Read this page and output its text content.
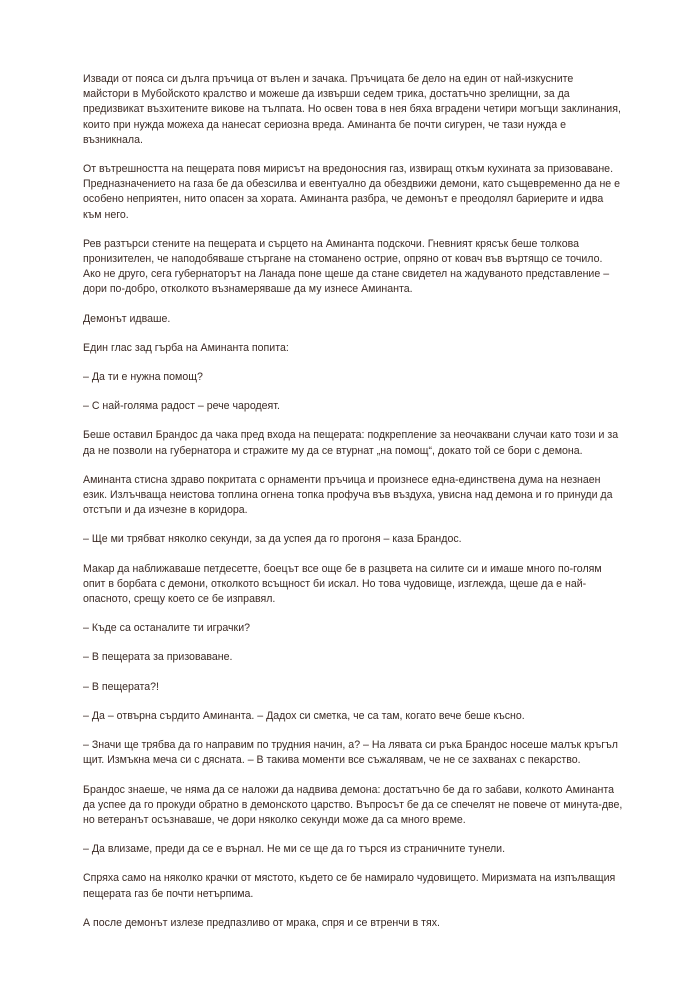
Извади от пояса си дълга пръчица от вълен и зачака. Пръчицата бе дело на един от най-изкусните майстори в Мубойското кралство и можеше да извърши седем трика, достатъчно зрелищни, за да предизвикат възхитените викове на тълпата. Но освен това в нея бяха вградени четири могъщи заклинания, които при нужда можеха да нанесат сериозна вреда. Аминанта бе почти сигурен, че тази нужда е възникнала.

От вътрешността на пещерата повя мирисът на вредоносния газ, извиращ откъм кухината за призоваване. Предназначението на газа бе да обезсилва и евентуално да обездвижи демони, като същевременно да не е особено неприятен, нито опасен за хората. Аминанта разбра, че демонът е преодолял бариерите и идва към него.

Рев разтърси стените на пещерата и сърцето на Аминанта подскочи. Гневният крясък беше толкова пронизителен, че наподобяваше стъргане на стоманено острие, опряно от ковач във въртящо се точило. Ако не друго, сега губернаторът на Ланада поне щеше да стане свидетел на жадуваното представление – дори по-добро, отколкото възнамеряваше да му изнесе Аминанта.

Демонът идваше.

Един глас зад гърба на Аминанта попита:

– Да ти е нужна помощ?

– С най-голяма радост – рече чародеят.

Беше оставил Брандос да чака пред входа на пещерата: подкрепление за неочаквани случаи като този и за да не позволи на губернатора и стражите му да се втурнат „на помощ“, докато той се бори с демона.

Аминанта стисна здраво покритата с орнаменти пръчица и произнесе една-единствена дума на незнаен език. Излъчваща неистова топлина огнена топка профуча във въздуха, увисна над демона и го принуди да отстъпи и да изчезне в коридора.

– Ще ми трябват няколко секунди, за да успея да го прогоня – каза Брандос.

Макар да наближаваше петдесетте, боецът все още бе в разцвета на силите си и имаше много по-голям опит в борбата с демони, отколкото всъщност би искал. Но това чудовище, изглежда, щеше да е най-опасното, срещу което се бе изправял.

– Къде са останалите ти играчки?

– В пещерата за призоваване.

– В пещерата?!

– Да – отвърна сърдито Аминанта. – Дадох си сметка, че са там, когато вече беше късно.

– Значи ще трябва да го направим по трудния начин, а? – На лявата си ръка Брандос носеше малък кръгъл щит. Измъкна меча си с дясната. – В такива моменти все съжалявам, че не се захванах с пекарство.

Брандос знаеше, че няма да се наложи да надвива демона: достатъчно бе да го забави, колкото Аминанта да успее да го прокуди обратно в демонското царство. Въпросът бе да се спечелят не повече от минута-две, но ветеранът осъзнаваше, че дори няколко секунди може да са много време.

– Да влизаме, преди да се е върнал. Не ми се ще да го търся из страничните тунели.

Спряха само на няколко крачки от мястото, където се бе намирало чудовището. Миризмата на изпълващия пещерата газ бе почти нетърпима.

А после демонът излезе предпазливо от мрака, спря и се втренчи в тях.
